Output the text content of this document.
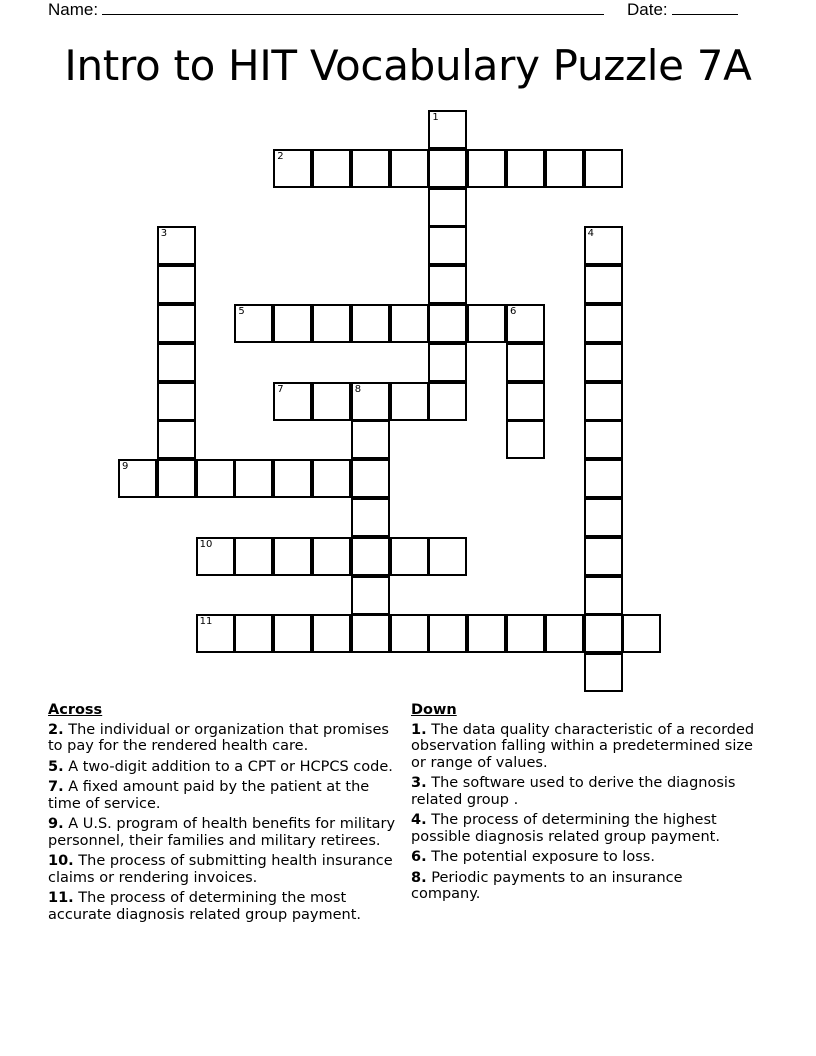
Name:	Date:
Intro to HIT Vocabulary Puzzle 7A
1
2
3	4
5	6
7	8
9
10
11
Across
2. The individual or organization that promises to pay for the rendered health care.
5. A two-digit addition to a CPT or HCPCS code.
7. A fixed amount paid by the patient at the time of service.
9. A U.S. program of health benefits for military personnel, their families and military retirees.
10. The process of submitting health insurance claims or rendering invoices.
11. The process of determining the most accurate diagnosis related group payment.
Down
1. The data quality characteristic of a recorded observation falling within a predetermined size or range of values.
3. The software used to derive the diagnosis related group .
4. The process of determining the highest possible diagnosis related group payment.
6. The potential exposure to loss.
8. Periodic payments to an insurance company.
